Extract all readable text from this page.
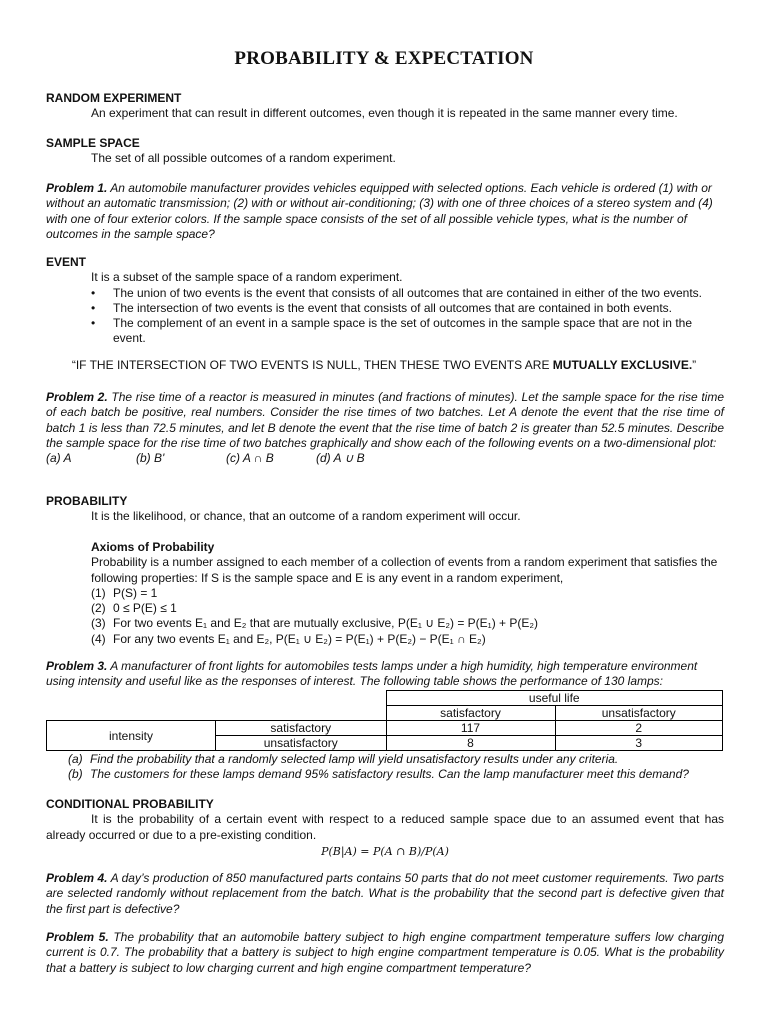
PROBABILITY & EXPECTATION
RANDOM EXPERIMENT
An experiment that can result in different outcomes, even though it is repeated in the same manner every time.
SAMPLE SPACE
The set of all possible outcomes of a random experiment.
Problem 1. An automobile manufacturer provides vehicles equipped with selected options. Each vehicle is ordered (1) with or without an automatic transmission; (2) with or without air-conditioning; (3) with one of three choices of a stereo system and (4) with one of four exterior colors. If the sample space consists of the set of all possible vehicle types, what is the number of outcomes in the sample space?
EVENT
It is a subset of the sample space of a random experiment.
• The union of two events is the event that consists of all outcomes that are contained in either of the two events.
• The intersection of two events is the event that consists of all outcomes that are contained in both events.
• The complement of an event in a sample space is the set of outcomes in the sample space that are not in the event.
“IF THE INTERSECTION OF TWO EVENTS IS NULL, THEN THESE TWO EVENTS ARE MUTUALLY EXCLUSIVE.”
Problem 2. The rise time of a reactor is measured in minutes (and fractions of minutes). Let the sample space for the rise time of each batch be positive, real numbers. Consider the rise times of two batches. Let A denote the event that the rise time of batch 1 is less than 72.5 minutes, and let B denote the event that the rise time of batch 2 is greater than 52.5 minutes. Describe the sample space for the rise time of two batches graphically and show each of the following events on a two-dimensional plot:
(a) A	(b) B'	(c) A ∩ B	(d) A ∪ B
PROBABILITY
It is the likelihood, or chance, that an outcome of a random experiment will occur.
Axioms of Probability
Probability is a number assigned to each member of a collection of events from a random experiment that satisfies the following properties: If S is the sample space and E is any event in a random experiment,
(1) P(S) = 1
(2) 0 ≤ P(E) ≤ 1
(3) For two events E₁ and E₂ that are mutually exclusive, P(E₁ ∪ E₂) = P(E₁) + P(E₂)
(4) For any two events E₁ and E₂, P(E₁ ∪ E₂) = P(E₁) + P(E₂) − P(E₁ ∩ E₂)
Problem 3. A manufacturer of front lights for automobiles tests lamps under a high humidity, high temperature environment using intensity and useful like as the responses of interest. The following table shows the performance of 130 lamps:
		useful life	
		satisfactory	unsatisfactory
intensity	satisfactory	117	2
	unsatisfactory	8	3
(a) Find the probability that a randomly selected lamp will yield unsatisfactory results under any criteria.
(b) The customers for these lamps demand 95% satisfactory results. Can the lamp manufacturer meet this demand?
CONDITIONAL PROBABILITY
It is the probability of a certain event with respect to a reduced sample space due to an assumed event that has already occurred or due to a pre-existing condition.
P(B|A) = P(A ∩ B)/P(A)
Problem 4. A day’s production of 850 manufactured parts contains 50 parts that do not meet customer requirements. Two parts are selected randomly without replacement from the batch. What is the probability that the second part is defective given that the first part is defective?
Problem 5. The probability that an automobile battery subject to high engine compartment temperature suffers low charging current is 0.7. The probability that a battery is subject to high engine compartment temperature is 0.05. What is the probability that a battery is subject to low charging current and high engine compartment temperature?
